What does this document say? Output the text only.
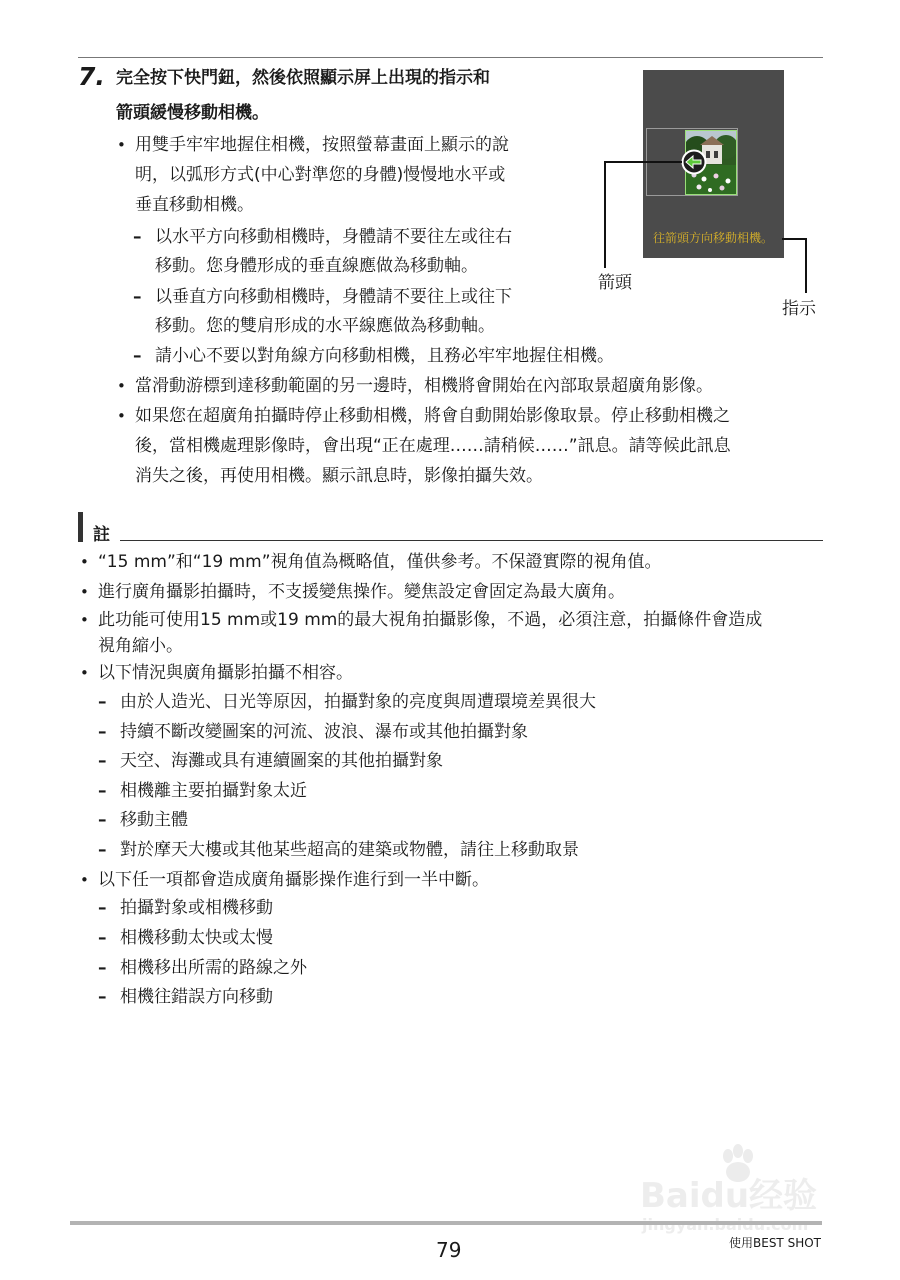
7. 完全按下快門鈕，然後依照顯示屏上出現的指示和
箭頭緩慢移動相機。
• 用雙手牢牢地握住相機，按照螢幕畫面上顯示的說
明，以弧形方式(中心對準您的身體)慢慢地水平或
垂直移動相機。
– 以水平方向移動相機時，身體請不要往左或往右
移動。您身體形成的垂直線應做為移動軸。
– 以垂直方向移動相機時，身體請不要往上或往下
移動。您的雙肩形成的水平線應做為移動軸。
– 請小心不要以對角線方向移動相機，且務必牢牢地握住相機。
• 當滑動游標到達移動範圍的另一邊時，相機將會開始在內部取景超廣角影像。
• 如果您在超廣角拍攝時停止移動相機，將會自動開始影像取景。停止移動相機之
後，當相機處理影像時，會出現“正在處理……請稍候……”訊息。請等候此訊息
消失之後，再使用相機。顯示訊息時，影像拍攝失效。
往箭頭方向移動相機。
箭頭
指示
註
• “15 mm”和“19 mm”視角值為概略值，僅供參考。不保證實際的視角值。
• 進行廣角攝影拍攝時，不支援變焦操作。變焦設定會固定為最大廣角。
• 此功能可使用15 mm或19 mm的最大視角拍攝影像，不過，必須注意，拍攝條件會造成
視角縮小。
• 以下情況與廣角攝影拍攝不相容。
– 由於人造光、日光等原因，拍攝對象的亮度與周遭環境差異很大
– 持續不斷改變圖案的河流、波浪、瀑布或其他拍攝對象
– 天空、海灘或具有連續圖案的其他拍攝對象
– 相機離主要拍攝對象太近
– 移動主體
– 對於摩天大樓或其他某些超高的建築或物體，請往上移動取景
• 以下任一項都會造成廣角攝影操作進行到一半中斷。
– 拍攝對象或相機移動
– 相機移動太快或太慢
– 相機移出所需的路線之外
– 相機往錯誤方向移動
Baidu经验
79	使用BEST SHOT
